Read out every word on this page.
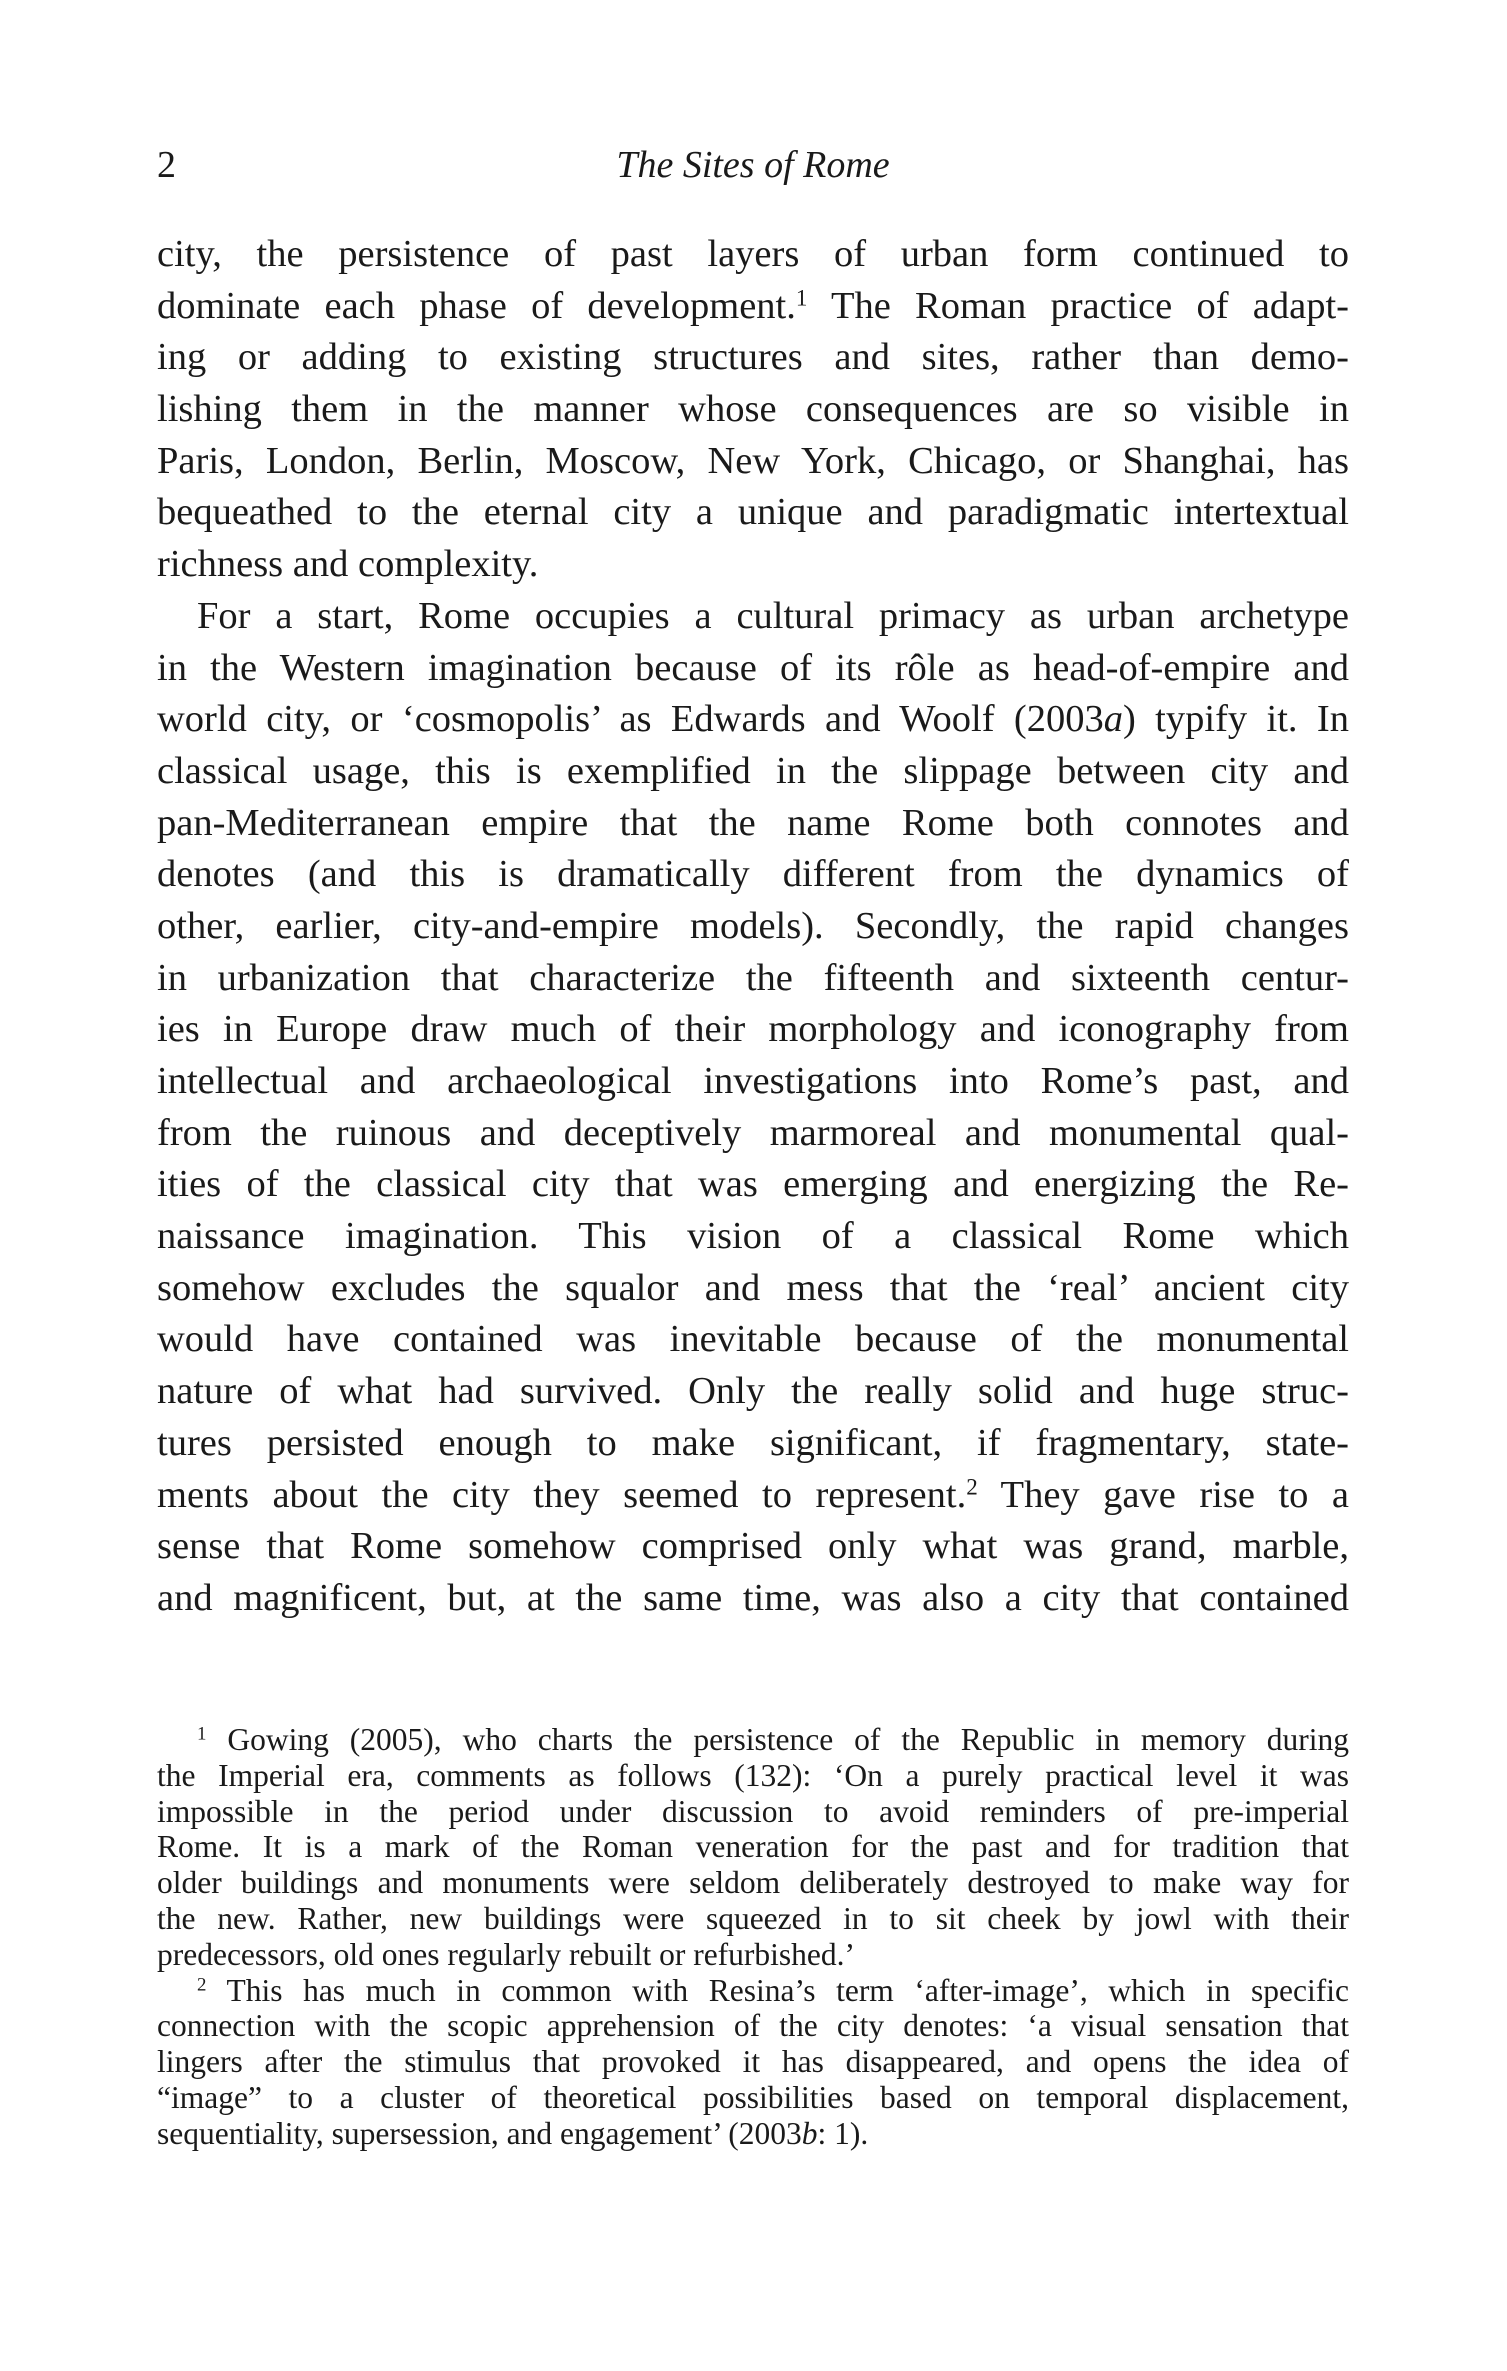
2	The Sites of Rome
city, the persistence of past layers of urban form continued to
dominate each phase of development.$^1$ The Roman practice of adapt-
ing or adding to existing structures and sites, rather than demo-
lishing them in the manner whose consequences are so visible in
Paris, London, Berlin, Moscow, New York, Chicago, or Shanghai, has
bequeathed to the eternal city a unique and paradigmatic intertextual
richness and complexity.
For a start, Rome occupies a cultural primacy as urban archetype
in the Western imagination because of its rôle as head-of-empire and
world city, or ‘cosmopolis’ as Edwards and Woolf (2003a) typify it. In
classical usage, this is exemplified in the slippage between city and
pan-Mediterranean empire that the name Rome both connotes and
denotes (and this is dramatically different from the dynamics of
other, earlier, city-and-empire models). Secondly, the rapid changes
in urbanization that characterize the fifteenth and sixteenth centur-
ies in Europe draw much of their morphology and iconography from
intellectual and archaeological investigations into Rome’s past, and
from the ruinous and deceptively marmoreal and monumental qual-
ities of the classical city that was emerging and energizing the Re-
naissance imagination. This vision of a classical Rome which
somehow excludes the squalor and mess that the ‘real’ ancient city
would have contained was inevitable because of the monumental
nature of what had survived. Only the really solid and huge struc-
tures persisted enough to make significant, if fragmentary, state-
ments about the city they seemed to represent.$^2$ They gave rise to a
sense that Rome somehow comprised only what was grand, marble,
and magnificent, but, at the same time, was also a city that contained
$^1$ Gowing (2005), who charts the persistence of the Republic in memory during
the Imperial era, comments as follows (132): ‘On a purely practical level it was
impossible in the period under discussion to avoid reminders of pre-imperial
Rome. It is a mark of the Roman veneration for the past and for tradition that
older buildings and monuments were seldom deliberately destroyed to make way for
the new. Rather, new buildings were squeezed in to sit cheek by jowl with their
predecessors, old ones regularly rebuilt or refurbished.’
$^2$ This has much in common with Resina’s term ‘after-image’, which in specific
connection with the scopic apprehension of the city denotes: ‘a visual sensation that
lingers after the stimulus that provoked it has disappeared, and opens the idea of
“image” to a cluster of theoretical possibilities based on temporal displacement,
sequentiality, supersession, and engagement’ (2003b: 1).
